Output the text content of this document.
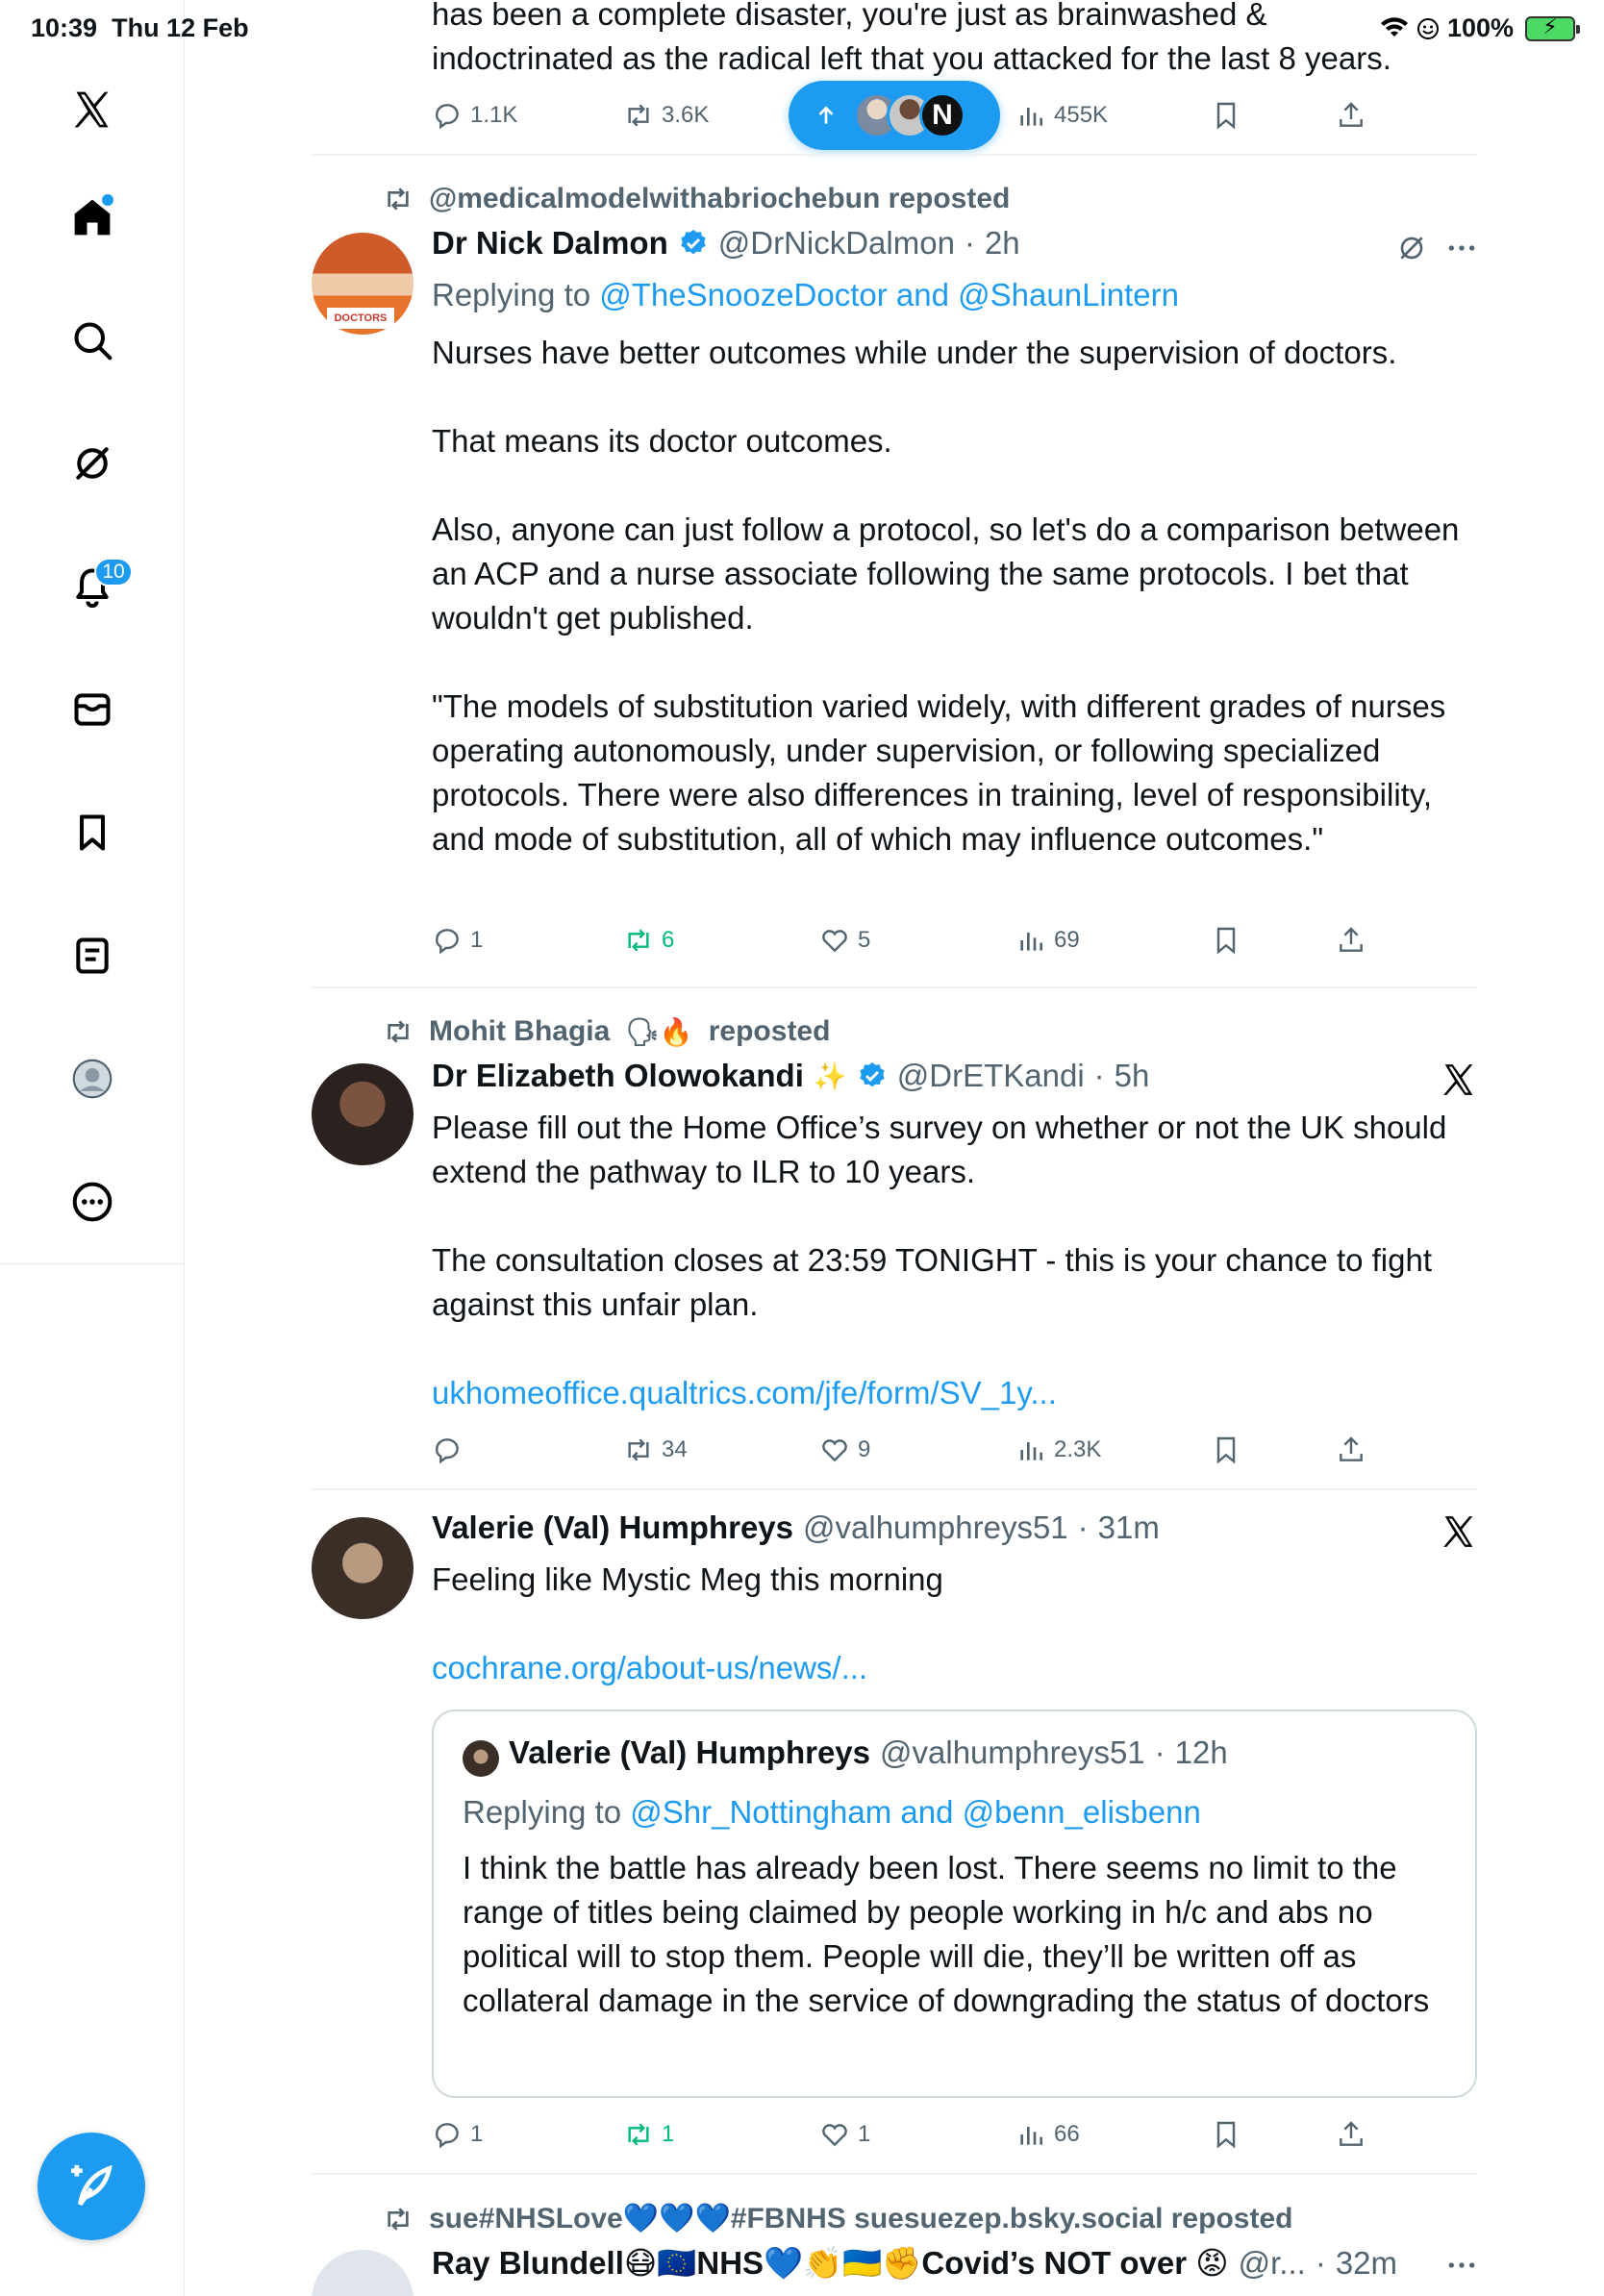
10:39 Thu 12 Feb	100%	⚡
10
has been a complete disaster, you're just as brainwashed &
indoctrinated as the radical left that you attacked for the last 8 years.
1.1K	3.6K	455K
N
@medicalmodelwithabriochebun reposted
DOCTORS
Dr Nick Dalmon @DrNickDalmon · 2h
Replying to @TheSnoozeDoctor and @ShaunLintern

Nurses have better outcomes while under the supervision of doctors.

That means its doctor outcomes.

Also, anyone can just follow a protocol, so let's do a comparison between an ACP and a nurse associate following the same protocols. I bet that wouldn't get published.

"The models of substitution varied widely, with different grades of nurses operating autonomously, under supervision, or following specialized protocols. There were also differences in training, level of responsibility, and mode of substitution, all of which may influence outcomes."

1	6	5	69
Mohit Bhagia 🗣🔥 reposted
Dr Elizabeth Olowokandi ✨ @DrETKandi · 5h

Please fill out the Home Office’s survey on whether or not the UK should extend the pathway to ILR to 10 years.

The consultation closes at 23:59 TONIGHT - this is your chance to fight against this unfair plan.

ukhomeoffice.qualtrics.com/jfe/form/SV_1y...

34	9	2.3K
Valerie (Val) Humphreys @valhumphreys51 · 31m

Feeling like Mystic Meg this morning

cochrane.org/about-us/news/...

Valerie (Val) Humphreys @valhumphreys51 · 12h
Replying to @Shr_Nottingham and @benn_elisbenn
I think the battle has already been lost. There seems no limit to the range of titles being claimed by people working in h/c and abs no political will to stop them. People will die, they’ll be written off as collateral damage in the service of downgrading the status of doctors
1	1	1	66
sue#NHSLove💙💙💙#FBNHS suesuezep.bsky.social reposted
Ray Blundell😷🇪🇺NHS💙👏🇺🇦✊Covid’s NOT over 😡 @r... · 32m
